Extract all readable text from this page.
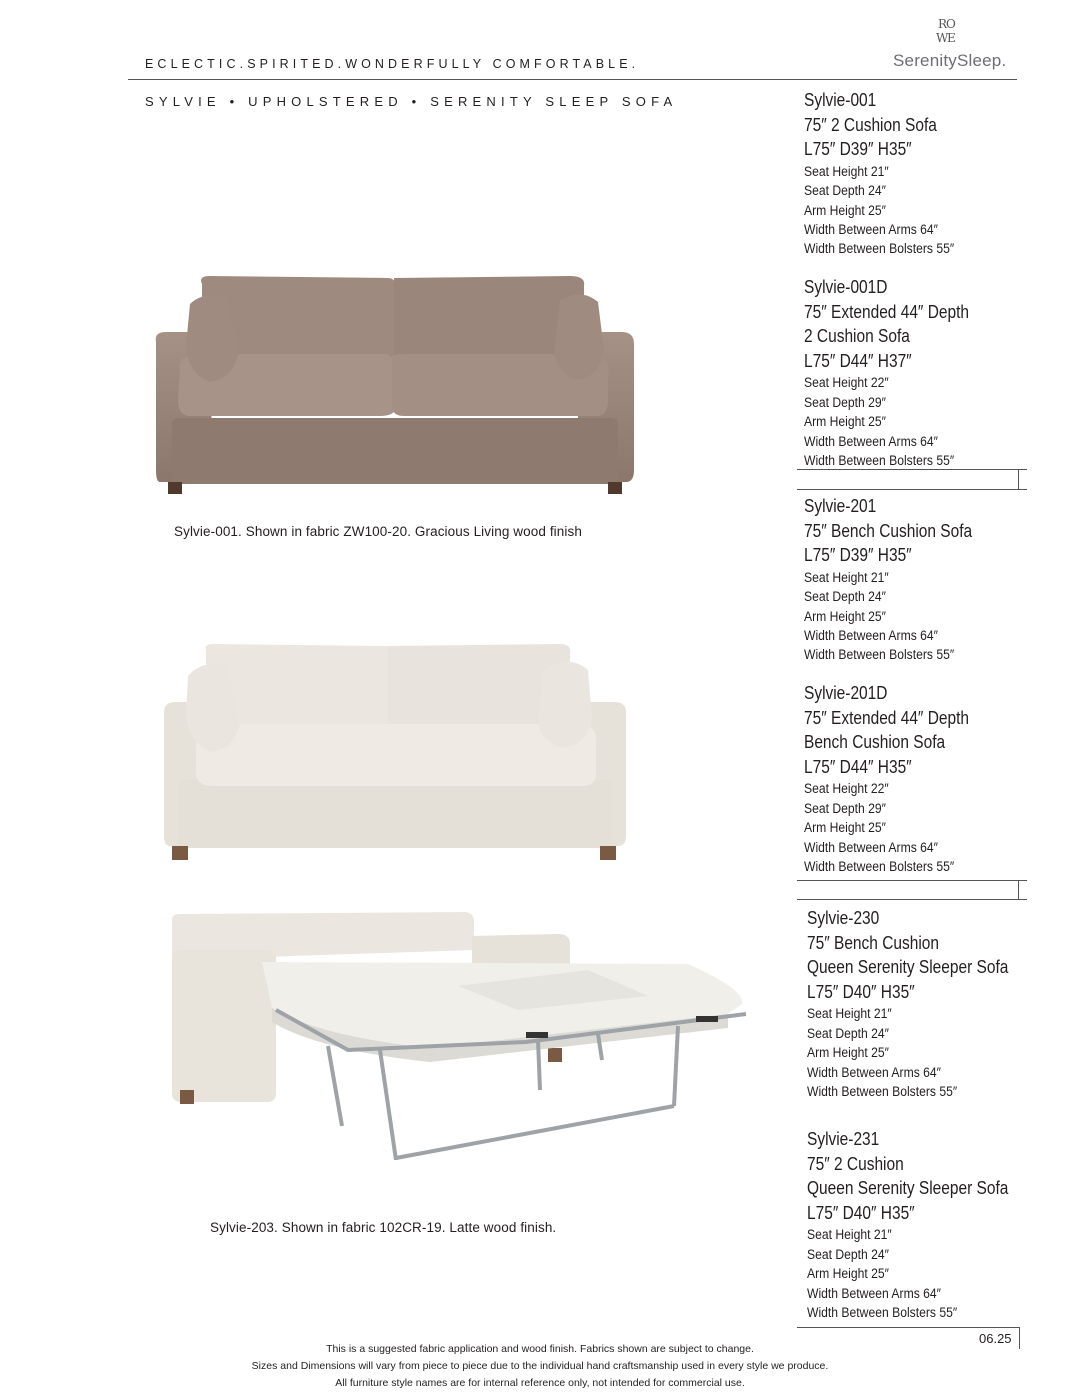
ECLECTIC.SPIRITED.WONDERFULLY COMFORTABLE.
R O
W E
SerenitySleep.
SYLVIE • UPHOLSTERED • SERENITY SLEEP SOFA
Sylvie-001. Shown in fabric ZW100-20. Gracious Living wood finish
Sylvie-203. Shown in fabric 102CR-19. Latte wood finish.
Sylvie-001
75″ 2 Cushion Sofa
L75″ D39″ H35″
Seat Height 21″
Seat Depth 24″
Arm Height 25″
Width Between Arms 64″
Width Between Bolsters 55″
Sylvie-001D
75″ Extended 44″ Depth
2 Cushion Sofa
L75″ D44″ H37″
Seat Height 22″
Seat Depth 29″
Arm Height 25″
Width Between Arms 64″
Width Between Bolsters 55″
Sylvie-201
75″ Bench Cushion Sofa
L75″ D39″ H35″
Seat Height 21″
Seat Depth 24″
Arm Height 25″
Width Between Arms 64″
Width Between Bolsters 55″
Sylvie-201D
75″ Extended 44″ Depth
Bench Cushion Sofa
L75″ D44″ H35″
Seat Height 22″
Seat Depth 29″
Arm Height 25″
Width Between Arms 64″
Width Between Bolsters 55″
Sylvie-230
75″ Bench Cushion
Queen Serenity Sleeper Sofa
L75″ D40″ H35″
Seat Height 21″
Seat Depth 24″
Arm Height 25″
Width Between Arms 64″
Width Between Bolsters 55″
Sylvie-231
75″ 2 Cushion
Queen Serenity Sleeper Sofa
L75″ D40″ H35″
Seat Height 21″
Seat Depth 24″
Arm Height 25″
Width Between Arms 64″
Width Between Bolsters 55″
06.25
This is a suggested fabric application and wood finish. Fabrics shown are subject to change.
Sizes and Dimensions will vary from piece to piece due to the individual hand craftsmanship used in every style we produce.
All furniture style names are for internal reference only, not intended for commercial use.
